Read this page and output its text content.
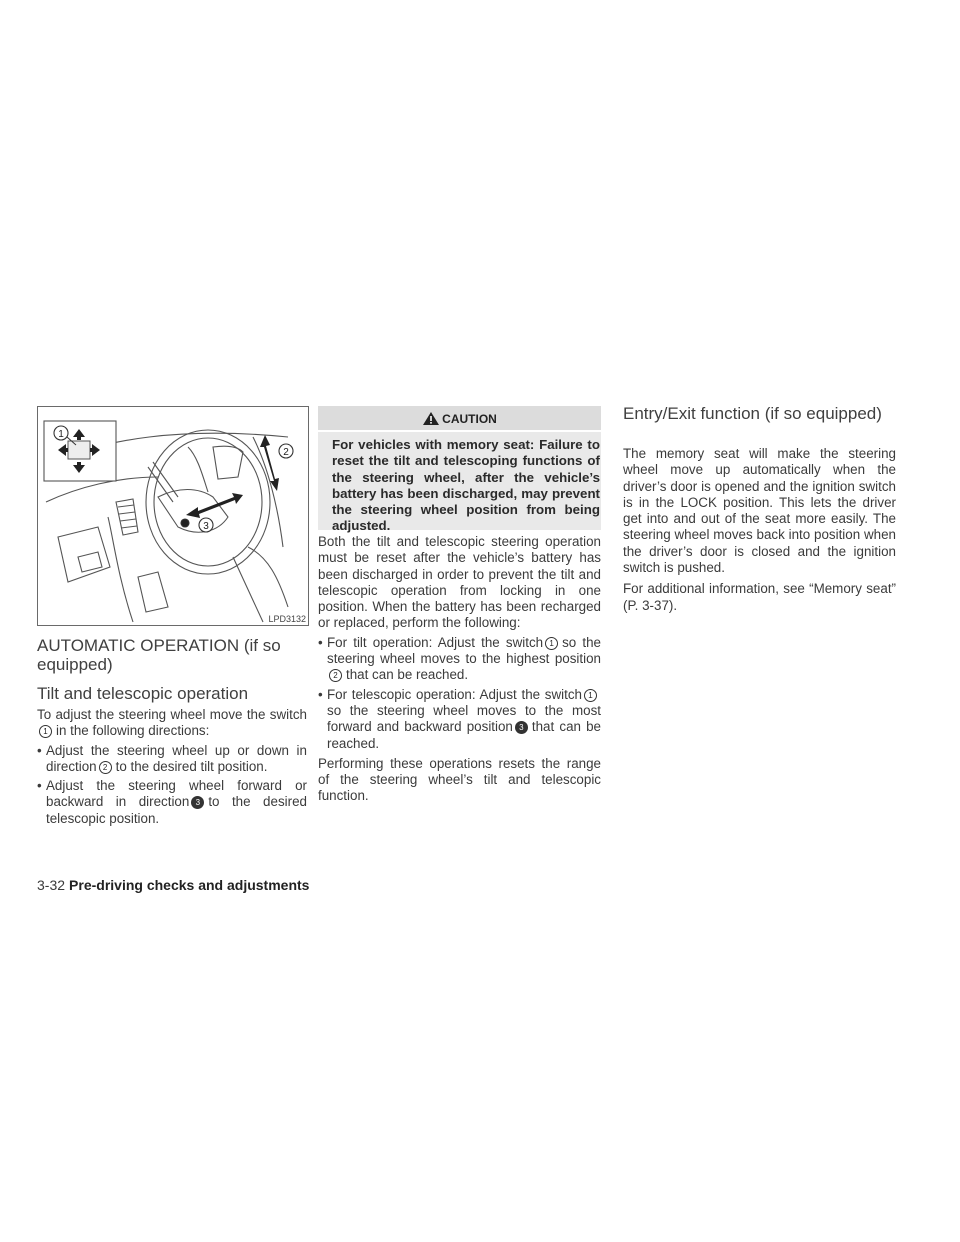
1
2
3
LPD3132
AUTOMATIC OPERATION (if so equipped)
Tilt and telescopic operation

To adjust the steering wheel move the switch1 in the following directions:

• Adjust the steering wheel up or down in direction 2 to the desired tilt position.

• Adjust the steering wheel forward or backward in direction 3 to the desired telescopic position.

CAUTION
For vehicles with memory seat: Failure to reset the tilt and telescoping functions of the steering wheel, after the vehicle’s battery has been discharged, may prevent the steering wheel position from being adjusted.

Both the tilt and telescopic steering operation must be reset after the vehicle’s battery has been discharged in order to prevent the tilt and telescopic operation from locking in one position. When the battery has been recharged or replaced, perform the following:

• For tilt operation: Adjust the switch 1 so the steering wheel moves to the highest position2 that can be reached.

• For telescopic operation: Adjust the switch 1so the steering wheel moves to the most forward and backward position 3 that can be reached.

Performing these operations resets the range of the steering wheel’s tilt and telescopic function.

Entry/Exit function (if so equipped)

The memory seat will make the steering wheel move up automatically when the driver’s door is opened and the ignition switch is in the LOCK position. This lets the driver get into and out of the seat more easily. The steering wheel moves back into position when the driver’s door is closed and the ignition switch is pushed.

For additional information, see “Memory seat” (P. 3-37).

3-32 Pre-driving checks and adjustments
